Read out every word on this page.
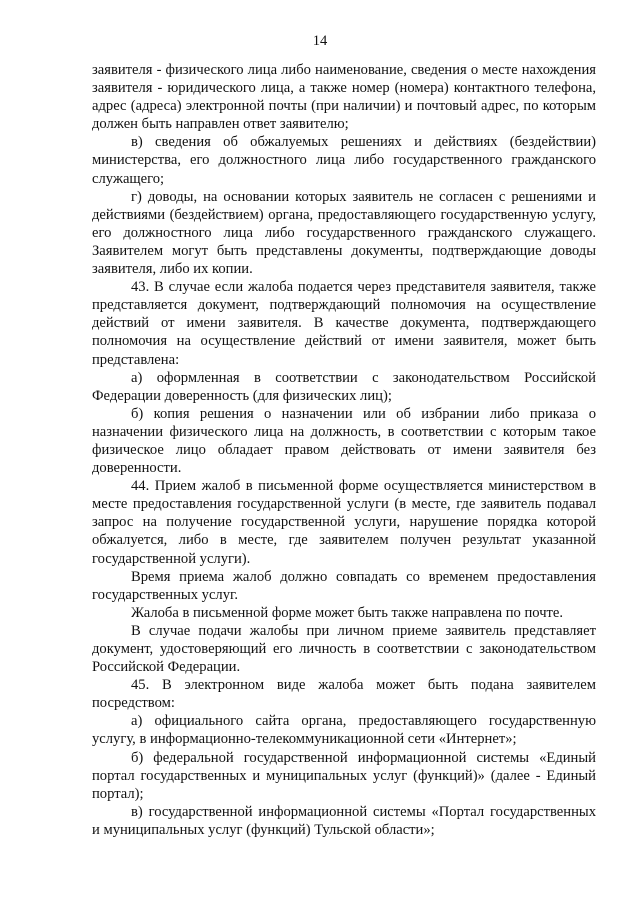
14

заявителя - физического лица либо наименование, сведения о месте нахождения заявителя - юридического лица, а также номер (номера) контактного телефона, адрес (адреса) электронной почты (при наличии) и почтовый адрес, по которым должен быть направлен ответ заявителю;

в) сведения об обжалуемых решениях и действиях (бездействии) министерства, его должностного лица либо государственного гражданского служащего;

г) доводы, на основании которых заявитель не согласен с решениями и действиями (бездействием) органа, предоставляющего государственную услугу, его должностного лица либо государственного гражданского служащего. Заявителем могут быть представлены документы, подтверждающие доводы заявителя, либо их копии.

43. В случае если жалоба подается через представителя заявителя, также представляется документ, подтверждающий полномочия на осуществление действий от имени заявителя. В качестве документа, подтверждающего полномочия на осуществление действий от имени заявителя, может быть представлена:

а) оформленная в соответствии с законодательством Российской Федерации доверенность (для физических лиц);

б) копия решения о назначении или об избрании либо приказа о назначении физического лица на должность, в соответствии с которым такое физическое лицо обладает правом действовать от имени заявителя без доверенности.

44. Прием жалоб в письменной форме осуществляется министерством в месте предоставления государственной услуги (в месте, где заявитель подавал запрос на получение государственной услуги, нарушение порядка которой обжалуется, либо в месте, где заявителем получен результат указанной государственной услуги).

Время приема жалоб должно совпадать со временем предоставления государственных услуг.

Жалоба в письменной форме может быть также направлена по почте.

В случае подачи жалобы при личном приеме заявитель представляет документ, удостоверяющий его личность в соответствии с законодательством Российской Федерации.

45. В электронном виде жалоба может быть подана заявителем посредством:

а) официального сайта органа, предоставляющего государственную услугу, в информационно-телекоммуникационной сети «Интернет»;

б) федеральной государственной информационной системы «Единый портал государственных и муниципальных услуг (функций)» (далее - Единый портал);

в) государственной информационной системы «Портал государственных и муниципальных услуг (функций) Тульской области»;
